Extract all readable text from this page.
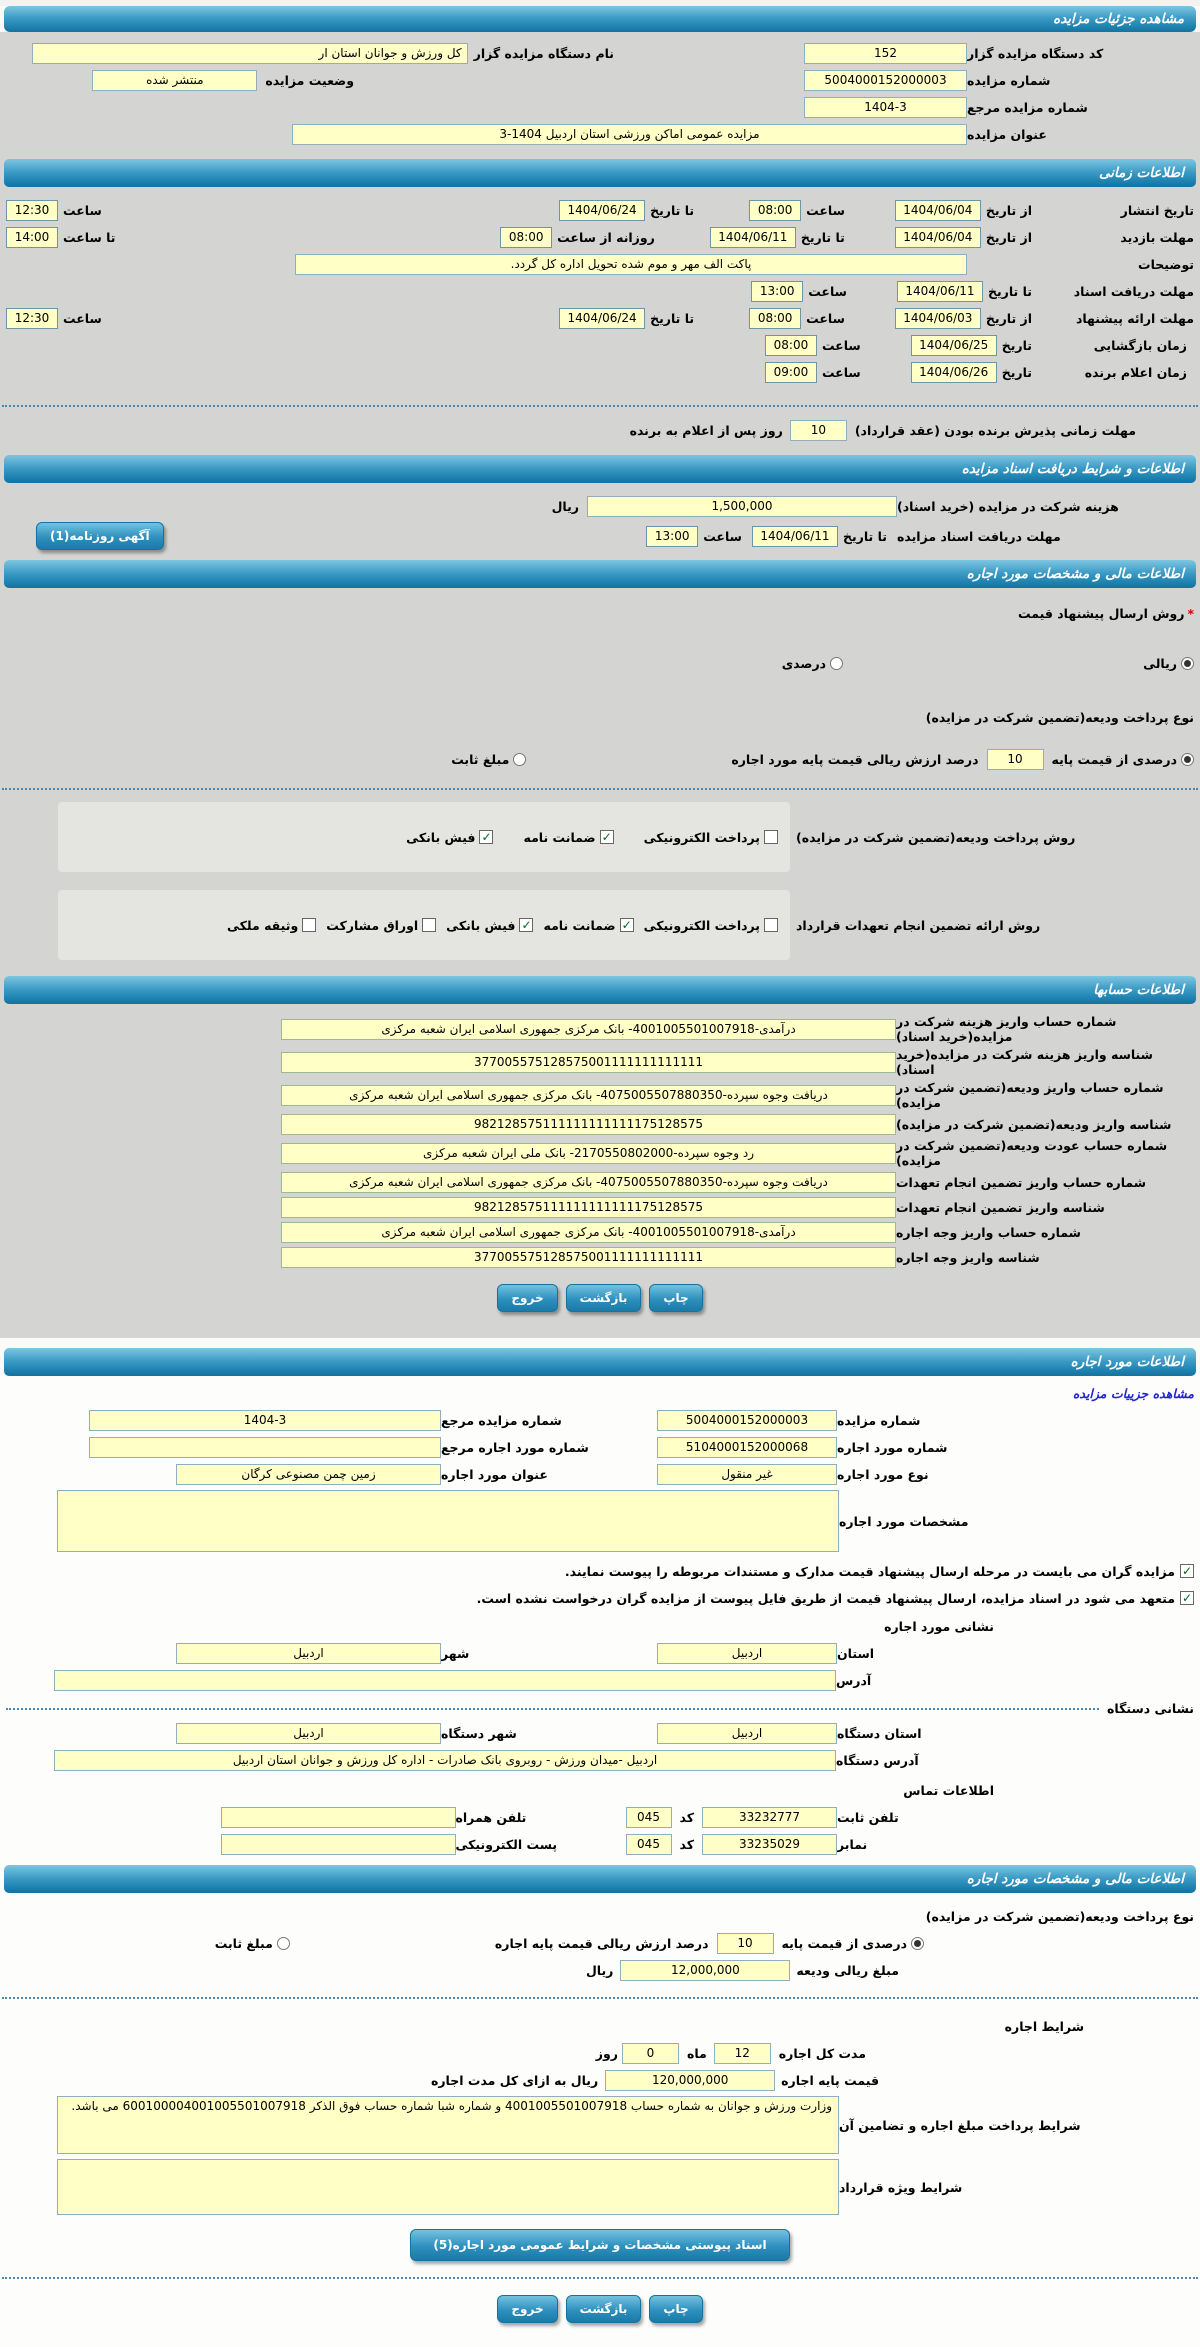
مشاهده جزئیات مزایده
کد دستگاه مزایده گزار
152
نام دستگاه مزایده گزار
کل ورزش و جوانان استان ار
شماره مزایده
5004000152000003
وضعیت مزایده
منتشر شده
شماره مزایده مرجع
1404-3
عنوان مزایده
مزایده عمومی اماکن ورزشی استان اردبیل 1404-3
اطلاعات زمانی
تاریخ انتشار
از تاریخ
1404/06/04
ساعت
08:00
تا تاریخ
1404/06/24
ساعت
12:30
مهلت بازدید
از تاریخ
1404/06/04
تا تاریخ
1404/06/11
روزانه از ساعت
08:00
تا ساعت
14:00
توضیحات
پاکت الف مهر و موم شده تحویل اداره کل گردد.
مهلت دریافت اسناد
تا تاریخ
1404/06/11
ساعت
13:00
مهلت ارائه پیشنهاد
از تاریخ
1404/06/03
ساعت
08:00
تا تاریخ
1404/06/24
ساعت
12:30
زمان بازگشایی
تاریخ
1404/06/25
ساعت
08:00
زمان اعلام برنده
تاریخ
1404/06/26
ساعت
09:00
مهلت زمانی پذیرش برنده بودن (عقد قرارداد)
10
روز پس از اعلام به برنده
اطلاعات و شرایط دریافت اسناد مزایده
هزینه شرکت در مزایده (خرید اسناد)
1,500,000
ریال
مهلت دریافت اسناد مزایده
تا تاریخ
1404/06/11
ساعت
13:00
آگهی روزنامه(1)
اطلاعات مالی و مشخصات مورد اجاره
*
روش ارسال پیشنهاد قیمت
ریالی
درصدی
نوع پرداخت ودیعه(تضمین شرکت در مزایده)
درصدی از قیمت پایه
10
درصد ارزش ریالی قیمت پایه مورد اجاره
مبلغ ثابت
روش پرداخت ودیعه(تضمین شرکت در مزایده)
پرداخت الکترونیکی
✓
ضمانت نامه
✓
فیش بانکی
روش ارائه تضمین انجام تعهدات قرارداد
پرداخت الکترونیکی
✓
ضمانت نامه
✓
فیش بانکی
اوراق مشارکت
وثیقه ملکی
اطلاعات حسابها
شماره حساب واریز هزینه شرکت در مزایده(خرید اسناد)
درآمدی-4001005501007918- بانک مرکزی جمهوری اسلامی ایران شعبه مرکزی
شناسه واریز هزینه شرکت در مزایده(خرید اسناد)
377005575128575001111111111111
شماره حساب واریز ودیعه(تضمین شرکت در مزایده)
دریافت وجوه سپرده-4075005507880350- بانک مرکزی جمهوری اسلامی ایران شعبه مرکزی
شناسه واریز ودیعه(تضمین شرکت در مزایده)
982128575111111111111175128575
شماره حساب عودت ودیعه(تضمین شرکت در مزایده)
رد وجوه سپرده-2170550802000- بانک ملی ایران شعبه مرکزی
شماره حساب واریز تضمین انجام تعهدات
دریافت وجوه سپرده-4075005507880350- بانک مرکزی جمهوری اسلامی ایران شعبه مرکزی
شناسه واریز تضمین انجام تعهدات
982128575111111111111175128575
شماره حساب واریز وجه اجاره
درآمدی-4001005501007918- بانک مرکزی جمهوری اسلامی ایران شعبه مرکزی
شناسه واریز وجه اجاره
377005575128575001111111111111
چاپ
بازگشت
خروج
اطلاعات مورد اجاره
مشاهده جزییات مزایده
شماره مزایده
5004000152000003
شماره مزایده مرجع
1404-3
شماره مورد اجاره
5104000152000068
شماره مورد اجاره مرجع
نوع مورد اجاره
غیر منقول
عنوان مورد اجاره
زمین چمن مصنوعی کرگان
مشخصات مورد اجاره
✓
مزایده گران می بایست در مرحله ارسال پیشنهاد قیمت مدارک و مستندات مربوطه را پیوست نمایند.
✓
متعهد می شود در اسناد مزایده، ارسال پیشنهاد قیمت از طریق فایل پیوست از مزایده گران درخواست نشده است.
نشانی مورد اجاره
استان
اردبیل
شهر
اردبیل
آدرس
نشانی دستگاه
استان دستگاه
اردبیل
شهر دستگاه
اردبیل
آدرس دستگاه
اردبیل -میدان ورزش - روبروی بانک صادرات - اداره کل ورزش و جوانان استان اردبیل
اطلاعات تماس
تلفن ثابت
33232777
کد
045
تلفن همراه
نمابر
33235029
کد
045
پست الکترونیکی
اطلاعات مالی و مشخصات مورد اجاره
نوع پرداخت ودیعه(تضمین شرکت در مزایده)
درصدی از قیمت پایه
10
درصد ارزش ریالی قیمت پایه اجاره
مبلغ ثابت
مبلغ ریالی ودیعه
12,000,000
ریال
شرایط اجاره
مدت کل اجاره
12
ماه
0
روز
قیمت پایه اجاره
120,000,000
ریال به ازای کل مدت اجاره
شرایط پرداخت مبلغ اجاره و تضامین آن
وزارت ورزش و جوانان به شماره حساب 4001005501007918 و شماره شبا شماره حساب فوق الذکر 600100004001005501007918 می باشد.
شرایط ویژه قرارداد
اسناد پیوستی مشخصات و شرایط عمومی مورد اجاره(5)
چاپ
بازگشت
خروج
